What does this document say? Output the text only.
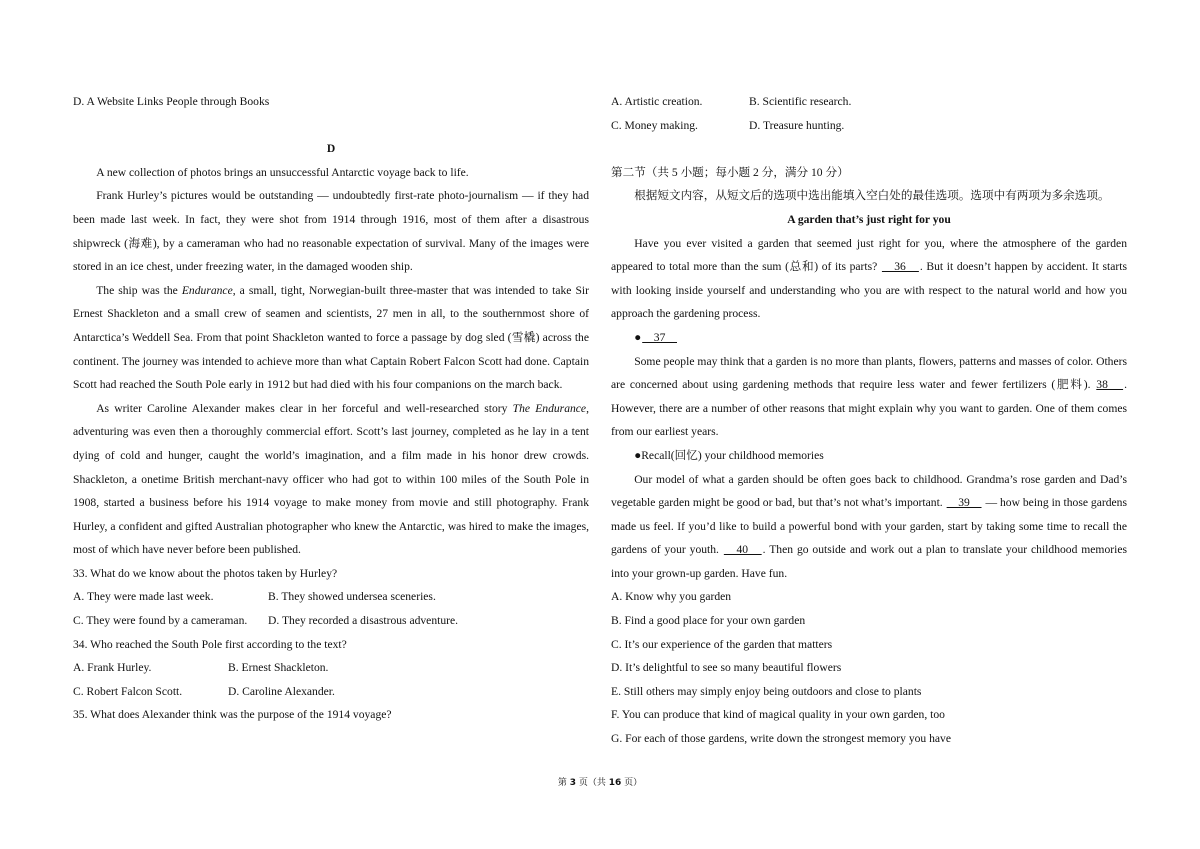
D. A Website Links People through Books

D

A new collection of photos brings an unsuccessful Antarctic voyage back to life.

Frank Hurley’s pictures would be outstanding — undoubtedly first-rate photo-journalism — if they had been made last week. In fact, they were shot from 1914 through 1916, most of them after a disastrous shipwreck (海难), by a cameraman who had no reasonable expectation of survival. Many of the images were stored in an ice chest, under freezing water, in the damaged wooden ship.

The ship was the Endurance, a small, tight, Norwegian-built three-master that was intended to take Sir Ernest Shackleton and a small crew of seamen and scientists, 27 men in all, to the southernmost shore of Antarctica’s Weddell Sea. From that point Shackleton wanted to force a passage by dog sled (雪橇) across the continent. The journey was intended to achieve more than what Captain Robert Falcon Scott had done. Captain Scott had reached the South Pole early in 1912 but had died with his four companions on the march back.

As writer Caroline Alexander makes clear in her forceful and well-researched story The Endurance, adventuring was even then a thoroughly commercial effort. Scott’s last journey, completed as he lay in a tent dying of cold and hunger, caught the world’s imagination, and a film made in his honor drew crowds. Shackleton, a onetime British merchant-navy officer who had got to within 100 miles of the South Pole in 1908, started a business before his 1914 voyage to make money from movie and still photography. Frank Hurley, a confident and gifted Australian photographer who knew the Antarctic, was hired to make the images, most of which have never before been published.

33. What do we know about the photos taken by Hurley?

A. They were made last week.	B. They showed undersea sceneries.
C. They were found by a cameraman.	D. They recorded a disastrous adventure.

34. Who reached the South Pole first according to the text?

A. Frank Hurley.	B. Ernest Shackleton.
C. Robert Falcon Scott.	D. Caroline Alexander.

35. What does Alexander think was the purpose of the 1914 voyage?

A. Artistic creation.	B. Scientific research.
C. Money making.	D. Treasure hunting.

第二节（共 5 小题；每小题 2 分，满分 10 分）

根据短文内容，从短文后的选项中选出能填入空白处的最佳选项。选项中有两项为多余选项。

A garden that’s just right for you

Have you ever visited a garden that seemed just right for you, where the atmosphere of the garden appeared to total more than the sum (总和) of its parts? 　36　. But it doesn’t happen by accident. It starts with looking inside yourself and understanding who you are with respect to the natural world and how you approach the gardening process.

●　37　

Some people may think that a garden is no more than plants, flowers, patterns and masses of color. Others are concerned about using gardening methods that require less water and fewer fertilizers (肥料). 38　. However, there are a number of other reasons that might explain why you want to garden. One of them comes from our earliest years.

●Recall(回忆) your childhood memories

Our model of what a garden should be often goes back to childhood. Grandma’s rose garden and Dad’s vegetable garden might be good or bad, but that’s not what’s important. 　39　 — how being in those gardens made us feel. If you’d like to build a powerful bond with your garden, start by taking some time to recall the gardens of your youth. 　40　. Then go outside and work out a plan to translate your childhood memories into your grown-up garden. Have fun.

A. Know why you garden

B. Find a good place for your own garden

C. It’s our experience of the garden that matters

D. It’s delightful to see so many beautiful flowers

E. Still others may simply enjoy being outdoors and close to plants

F. You can produce that kind of magical quality in your own garden, too

G. For each of those gardens, write down the strongest memory you have

第 3 页（共 16 页）
